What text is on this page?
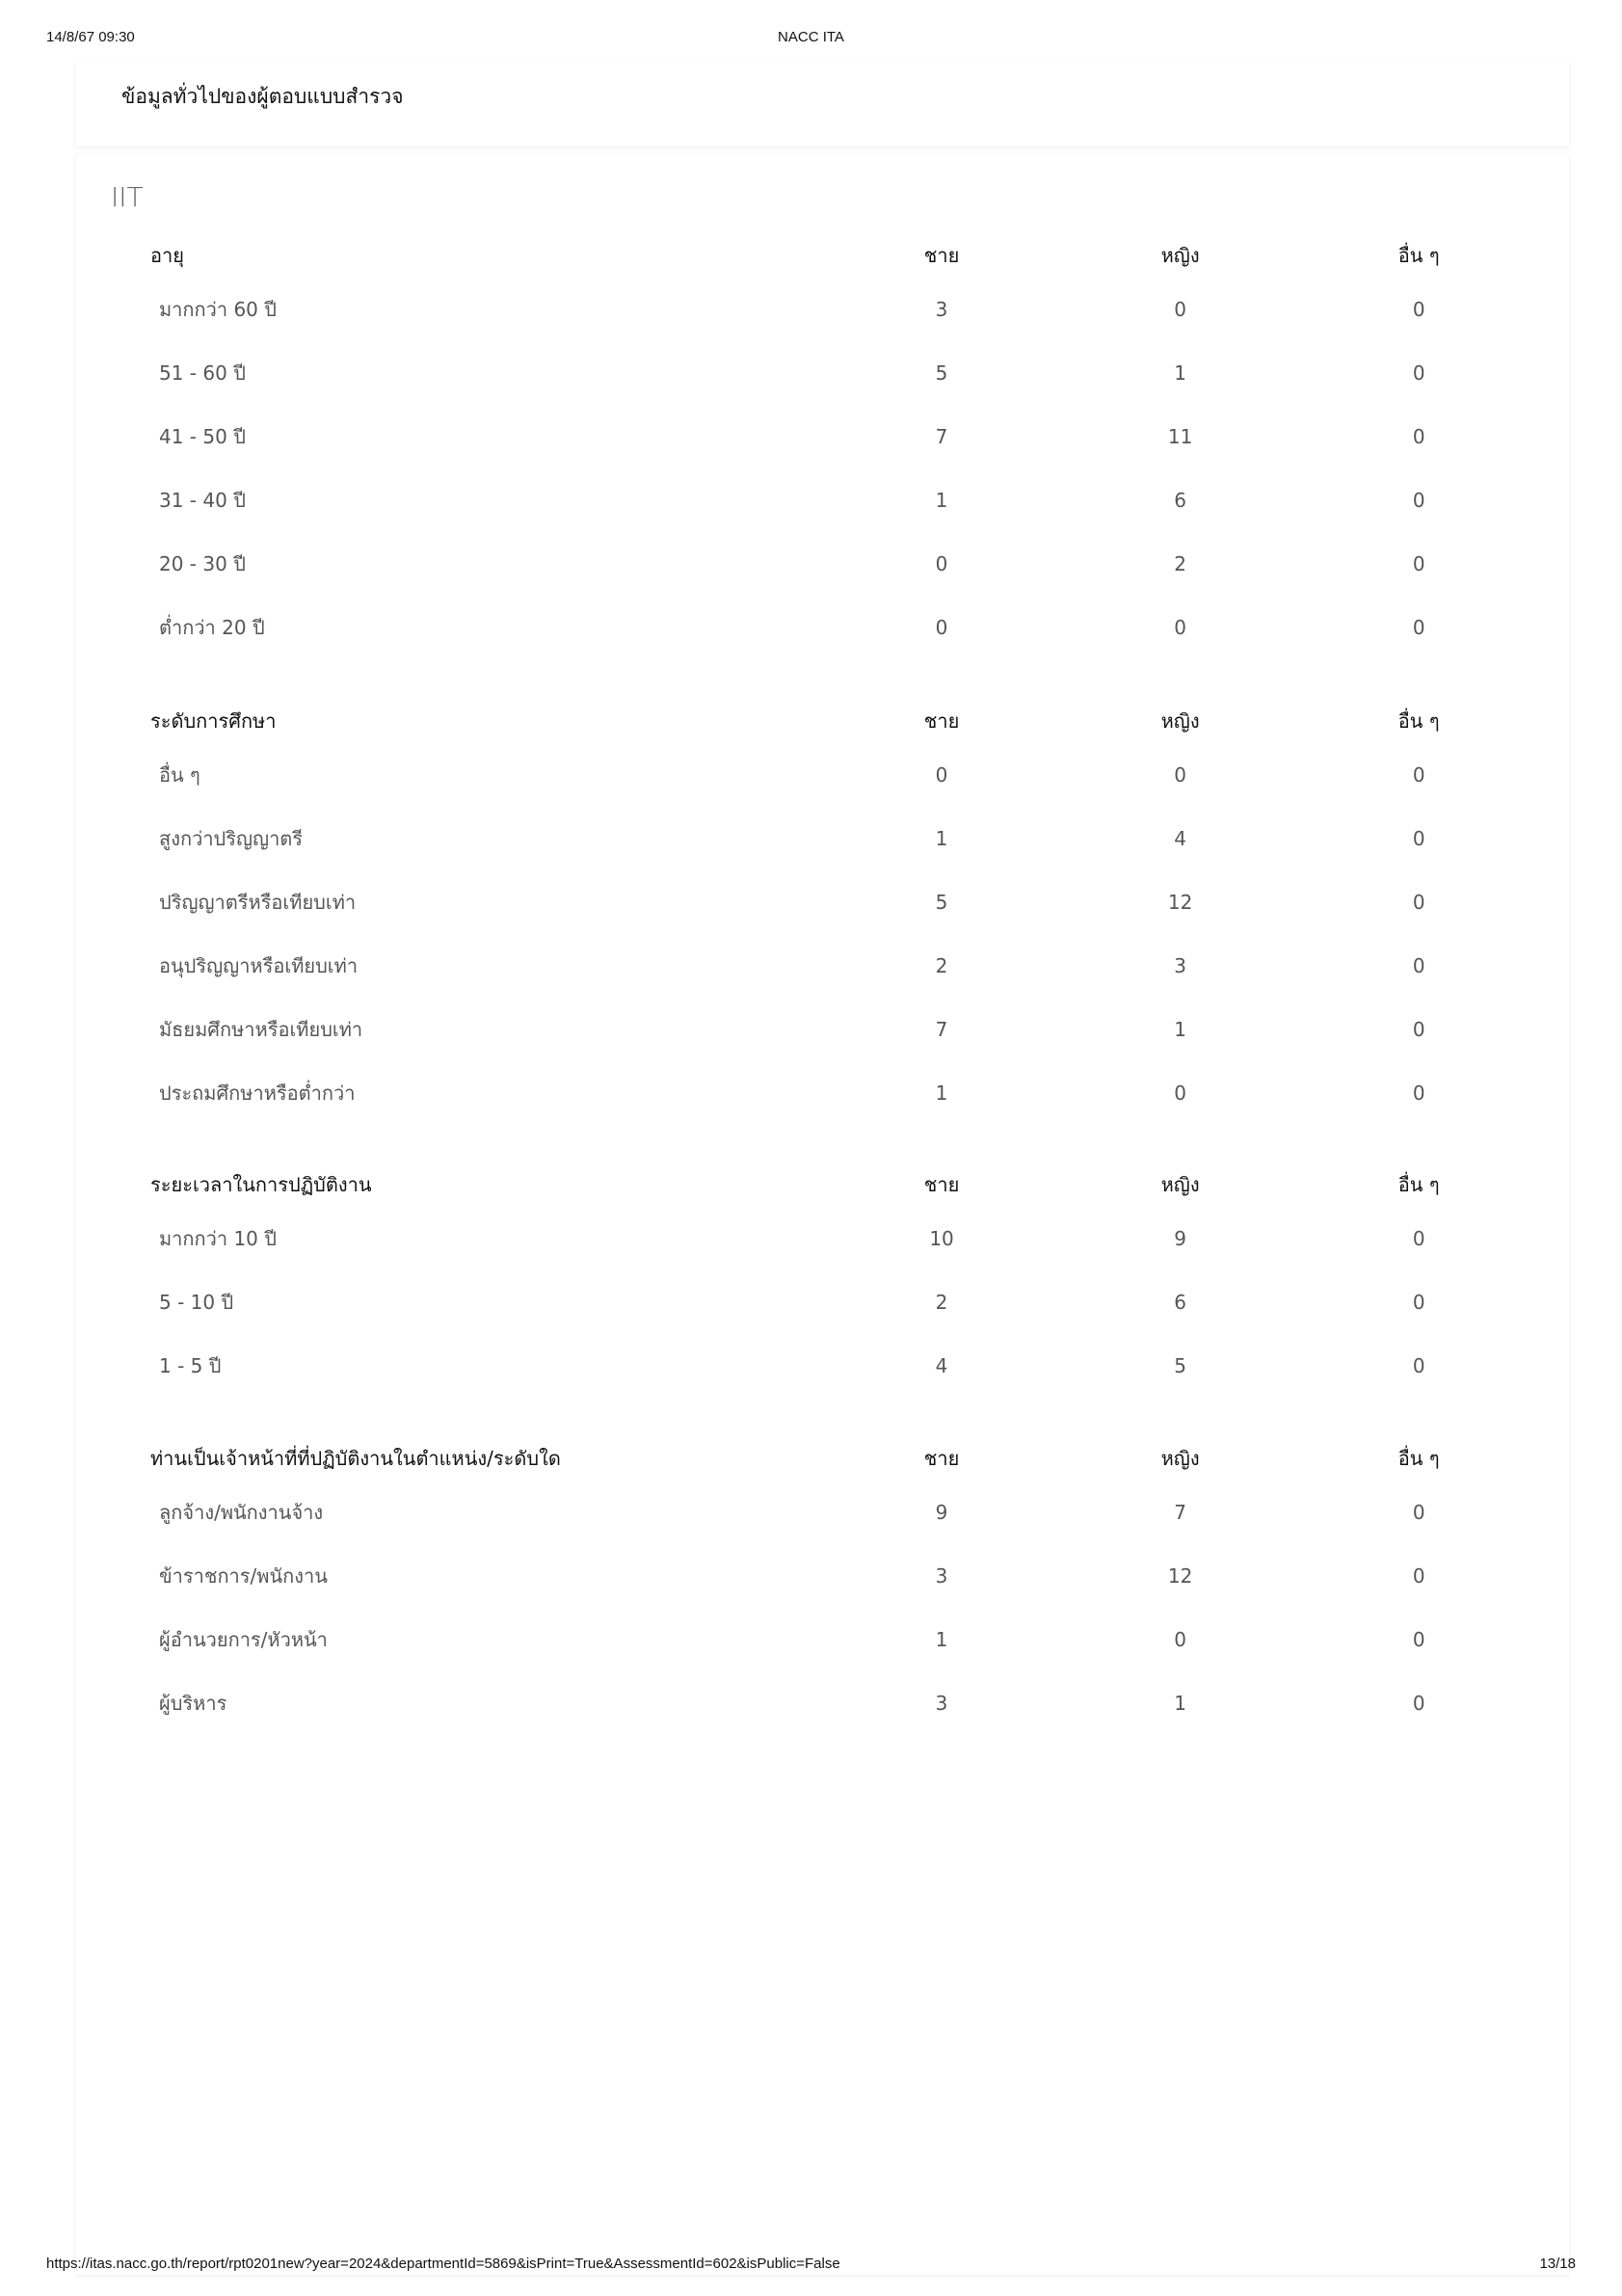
14/8/67 09:30	NACC ITA
ข้อมูลทั่วไปของผู้ตอบแบบสำรวจ
IIT
อายุ	ชาย	หญิง	อื่น ๆ
มากกว่า 60 ปี	3	0	0
51 - 60 ปี	5	1	0
41 - 50 ปี	7	11	0
31 - 40 ปี	1	6	0
20 - 30 ปี	0	2	0
ต่ำกว่า 20 ปี	0	0	0
ระดับการศึกษา	ชาย	หญิง	อื่น ๆ
อื่น ๆ	0	0	0
สูงกว่าปริญญาตรี	1	4	0
ปริญญาตรีหรือเทียบเท่า	5	12	0
อนุปริญญาหรือเทียบเท่า	2	3	0
มัธยมศึกษาหรือเทียบเท่า	7	1	0
ประถมศึกษาหรือต่ำกว่า	1	0	0
ระยะเวลาในการปฏิบัติงาน	ชาย	หญิง	อื่น ๆ
มากกว่า 10 ปี	10	9	0
5 - 10 ปี	2	6	0
1 - 5 ปี	4	5	0
ท่านเป็นเจ้าหน้าที่ที่ปฏิบัติงานในตำแหน่ง/ระดับใด	ชาย	หญิง	อื่น ๆ
ลูกจ้าง/พนักงานจ้าง	9	7	0
ข้าราชการ/พนักงาน	3	12	0
ผู้อำนวยการ/หัวหน้า	1	0	0
ผู้บริหาร	3	1	0
https://itas.nacc.go.th/report/rpt0201new?year=2024&departmentId=5869&isPrint=True&AssessmentId=602&isPublic=False	13/18
